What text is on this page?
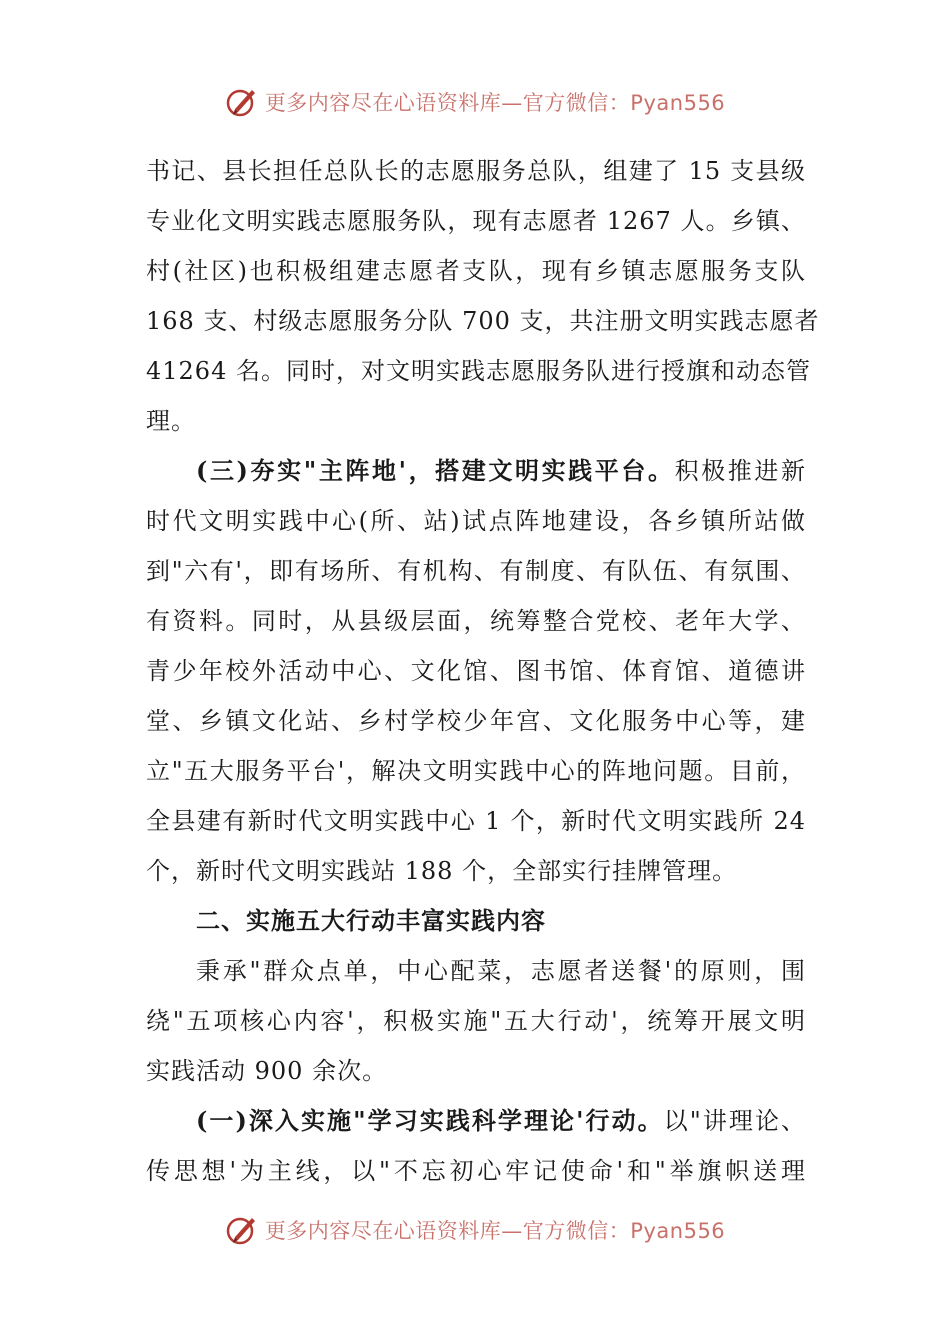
更多内容尽在心语资料库—官方微信：Pyan556
书记、县长担任总队长的志愿服务总队，组建了 15 支县级
专业化文明实践志愿服务队，现有志愿者 1267 人。乡镇、
村(社区)也积极组建志愿者支队，现有乡镇志愿服务支队
168 支、村级志愿服务分队 700 支，共注册文明实践志愿者
41264 名。同时，对文明实践志愿服务队进行授旗和动态管
理。
(三)夯实"主阵地'，搭建文明实践平台。积极推进新
时代文明实践中心(所、站)试点阵地建设，各乡镇所站做
到"六有'，即有场所、有机构、有制度、有队伍、有氛围、
有资料。同时，从县级层面，统筹整合党校、老年大学、
青少年校外活动中心、文化馆、图书馆、体育馆、道德讲
堂、乡镇文化站、乡村学校少年宫、文化服务中心等，建
立"五大服务平台'，解决文明实践中心的阵地问题。目前，
全县建有新时代文明实践中心 1 个，新时代文明实践所 24
个，新时代文明实践站 188 个，全部实行挂牌管理。
二、实施五大行动丰富实践内容
秉承"群众点单，中心配菜，志愿者送餐'的原则，围
绕"五项核心内容'，积极实施"五大行动'，统筹开展文明
实践活动 900 余次。
(一)深入实施"学习实践科学理论'行动。以"讲理论、
传思想'为主线，以"不忘初心牢记使命'和"举旗帜送理
更多内容尽在心语资料库—官方微信：Pyan556
